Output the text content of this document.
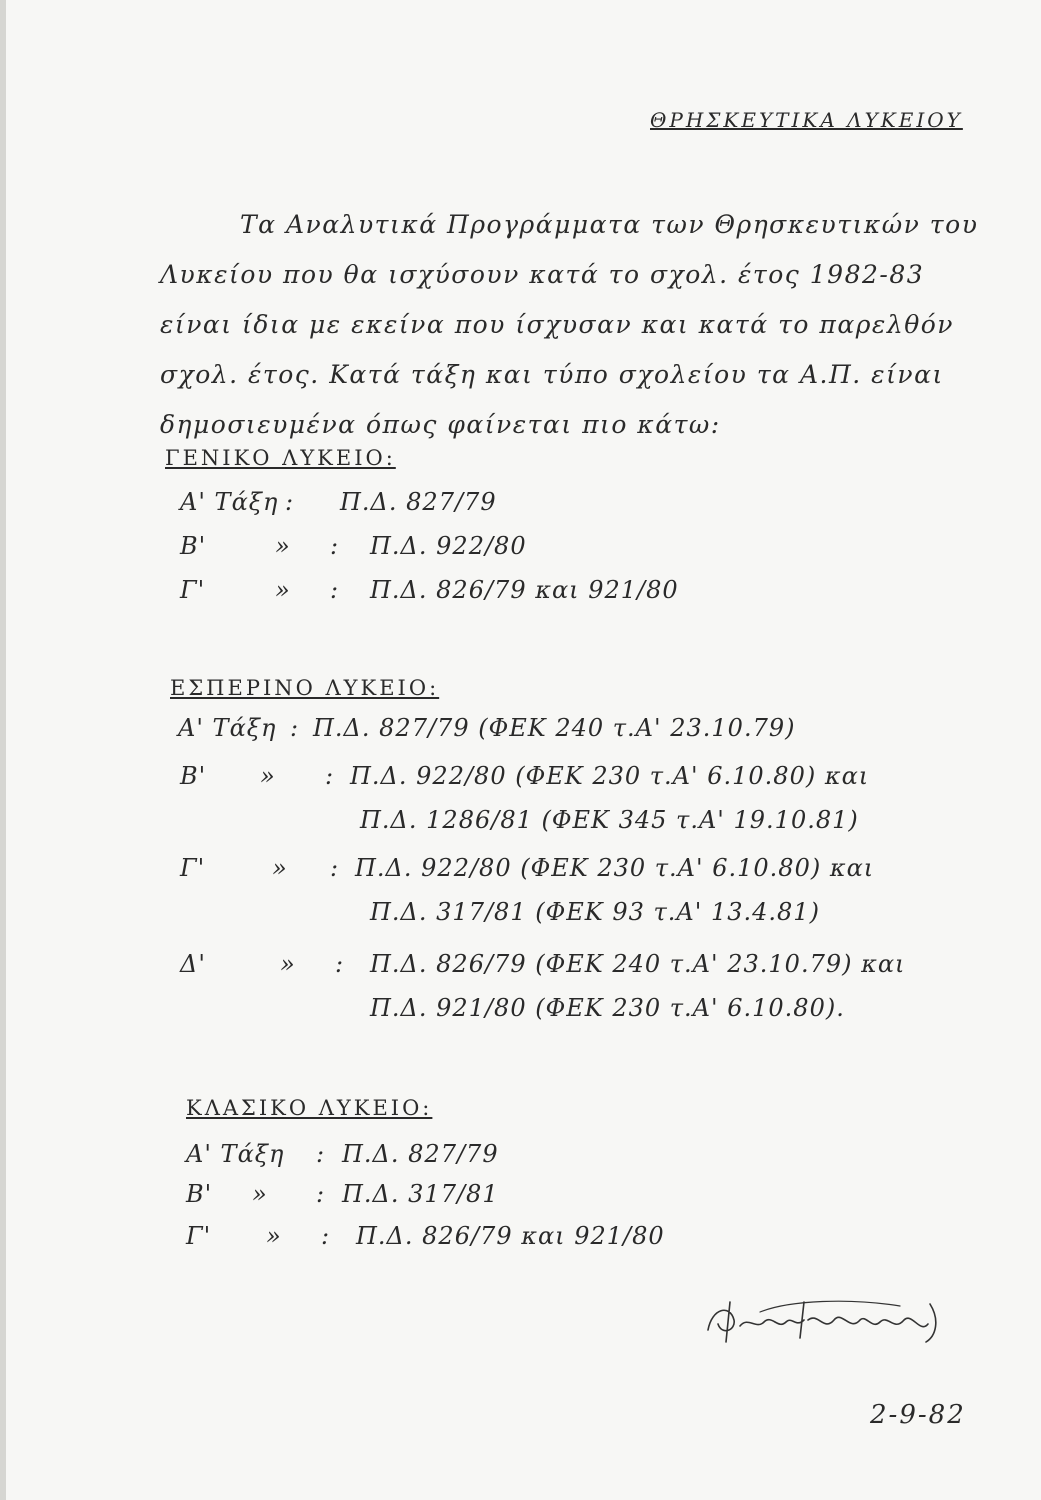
ΘΡΗΣΚΕΥΤΙΚΑ ΛΥΚΕΙΟΥ
Τα Αναλυτικά Προγράμματα των Θρησκευτικών του Λυκείου που θα ισχύσουν κατά το σχολ. έτος 1982-83 είναι ίδια με εκείνα που ίσχυσαν και κατά το παρελθόν σχολ. έτος. Κατά τάξη και τύπο σχολείου τα Α.Π. είναι δημοσιευμένα όπως φαίνεται πιο κάτω:
ΓΕΝΙΚΟ ΛΥΚΕΙΟ:
Α' Τάξη : Π.Δ. 827/79
Β'	» : Π.Δ. 922/80
Γ'	» : Π.Δ. 826/79 και 921/80
ΕΣΠΕΡΙΝΟ ΛΥΚΕΙΟ:
Α' Τάξη : Π.Δ. 827/79 (ΦΕΚ 240 τ.Α' 23.10.79)
Β' » : Π.Δ. 922/80 (ΦΕΚ 230 τ.Α' 6.10.80) και
Π.Δ. 1286/81 (ΦΕΚ 345 τ.Α' 19.10.81)
Γ'	» : Π.Δ. 922/80 (ΦΕΚ 230 τ.Α' 6.10.80) και
Π.Δ. 317/81 (ΦΕΚ 93 τ.Α' 13.4.81)
Δ'	» : Π.Δ. 826/79 (ΦΕΚ 240 τ.Α' 23.10.79) και
Π.Δ. 921/80 (ΦΕΚ 230 τ.Α' 6.10.80).
ΚΛΑΣΙΚΟ ΛΥΚΕΙΟ:
Α' Τάξη : Π.Δ. 827/79
Β' » : Π.Δ. 317/81
Γ' » : Π.Δ. 826/79 και 921/80
2-9-82
